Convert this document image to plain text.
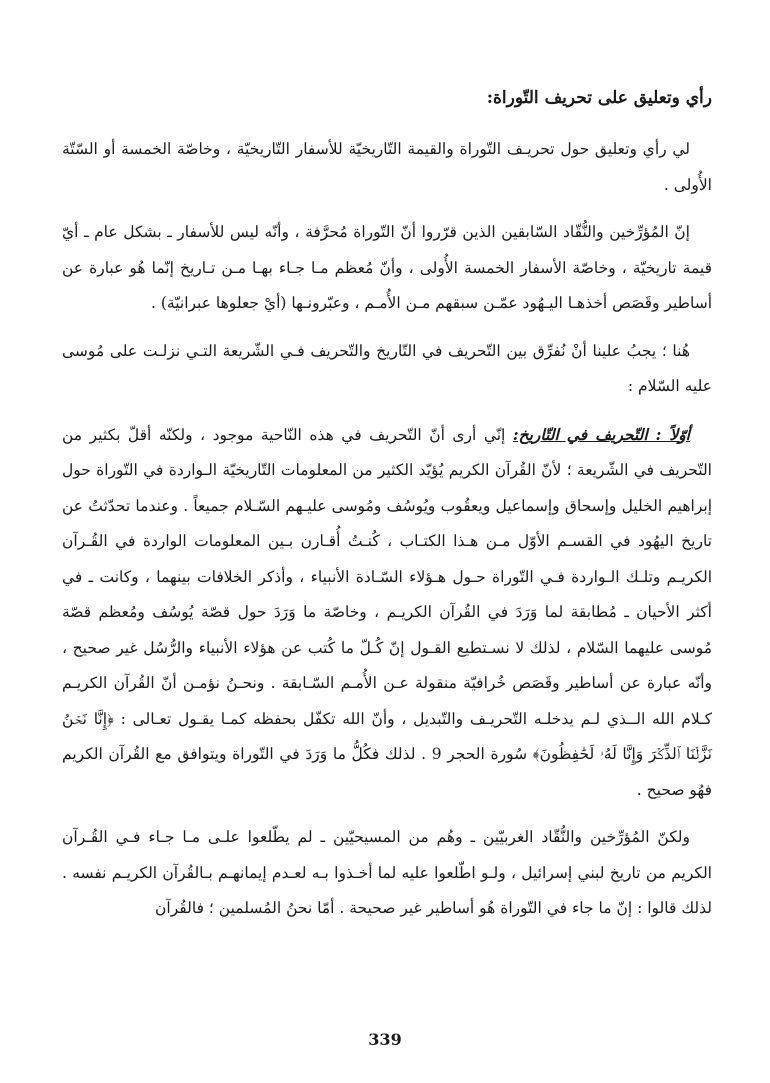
رأي وتعليق على تحريف التّوراة:

لي رأي وتعليق حول تحريـف التّوراة والقيمة التّاريخيّة للأسفار التّاريخيّة ، وخاصّة الخمسة أو السّتّة الأُولى .

إنّ المُؤرِّخين والنُّقّاد السّابقين الذين قرّروا أنّ التّوراة مُحرَّفة ، وأنّه ليس للأسفار ـ بشكل عام ـ أيّ قيمة تاريخيّة ، وخاصّة الأسفار الخمسة الأُولى ، وأنّ مُعظم مـا جـاء بهـا مـن تـاريخ إنّما هُو عبارة عن أساطير وقَصَص أخذهـا اليـهُود عمّـن سبقهم مـن الأُمـم ، وعبّرونـها (أيْ جعلوها عبرانيّة) .

هُنا ؛ يجبُ علينا أنْ نُفرِّق بين التّحريف في التّاريخ والتّحريف فـي الشّريعة التـي نزلـت على مُوسى عليه السّلام :

أوّلاً : التّحريف في التّاريخ: إنّي أرى أنّ التّحريف في هذه النّاحية موجود ، ولكنّه أقلّ بكثير من التّحريف في الشّريعة ؛ لأنّ القُرآن الكريم يُؤيّد الكثير من المعلومات التّاريخيّة الـواردة في التّوراة حول إبراهيم الخليل وإسحاق وإسماعيل ويعقُوب ويُوسُف ومُوسى عليـهم السّـلام جميعاً . وعندما تحدّثتُ عن تاريخ اليهُود في القسـم الأوّل مـن هـذا الكتـاب ، كُنـتُ أُقـارن بـين المعلومات الواردة في القُـرآن الكريـم وتلـك الـواردة فـي التّوراة حـول هـؤلاء السّـادة الأنبياء ، وأذكر الخلافات بينهما ، وكانت ـ في أكثر الأحيان ـ مُطابقة لما وَرَدَ في القُرآن الكريـم ، وخاصّة ما وَرَدَ حول قصّة يُوسُف ومُعظم قصّة مُوسى عليهما السّلام ، لذلك لا نسـتطيع القـول إنّ كُـلّ ما كُتب عن هؤلاء الأنبياء والرُّسُل غير صحيح ، وأنّه عبارة عن أساطير وقَصَص خُرافيّة منقولة عـن الأُمـم السّـابقة . ونحـنُ نؤمـن أنّ القُرآن الكريـم كـلام الله الــذي لـم يدخلـه التّحريـف والتّبديل ، وأنّ الله تكفّل بحفظه كمـا يقـول تعـالى : ﴿إِنَّا نَحۡنُ نَزَّلۡنَا ٱلذِّكۡرَ وَإِنَّا لَهُۥ لَحَٰفِظُونَ﴾ سُورة الحجر 9 . لذلك فكُلُّ ما وَرَدَ في التّوراة ويتوافق مع القُرآن الكريم فهُو صحيح .

ولكنّ المُؤرِّخين والنُّقّاد الغربيّين ـ وهُم من المسيحيّين ـ لم يطّلعوا علـى مـا جـاء فـي القُـرآن الكريم من تاريخ لبني إسرائيل ، ولـو اطّلعوا عليه لما أخـذوا بـه لعـدم إيمانهـم بـالقُرآن الكريـم نفسه . لذلك قالوا : إنّ ما جاء في التّوراة هُو أساطير غير صحيحة . أمّا نحنُ المُسلمين ؛ فالقُرآن

339
